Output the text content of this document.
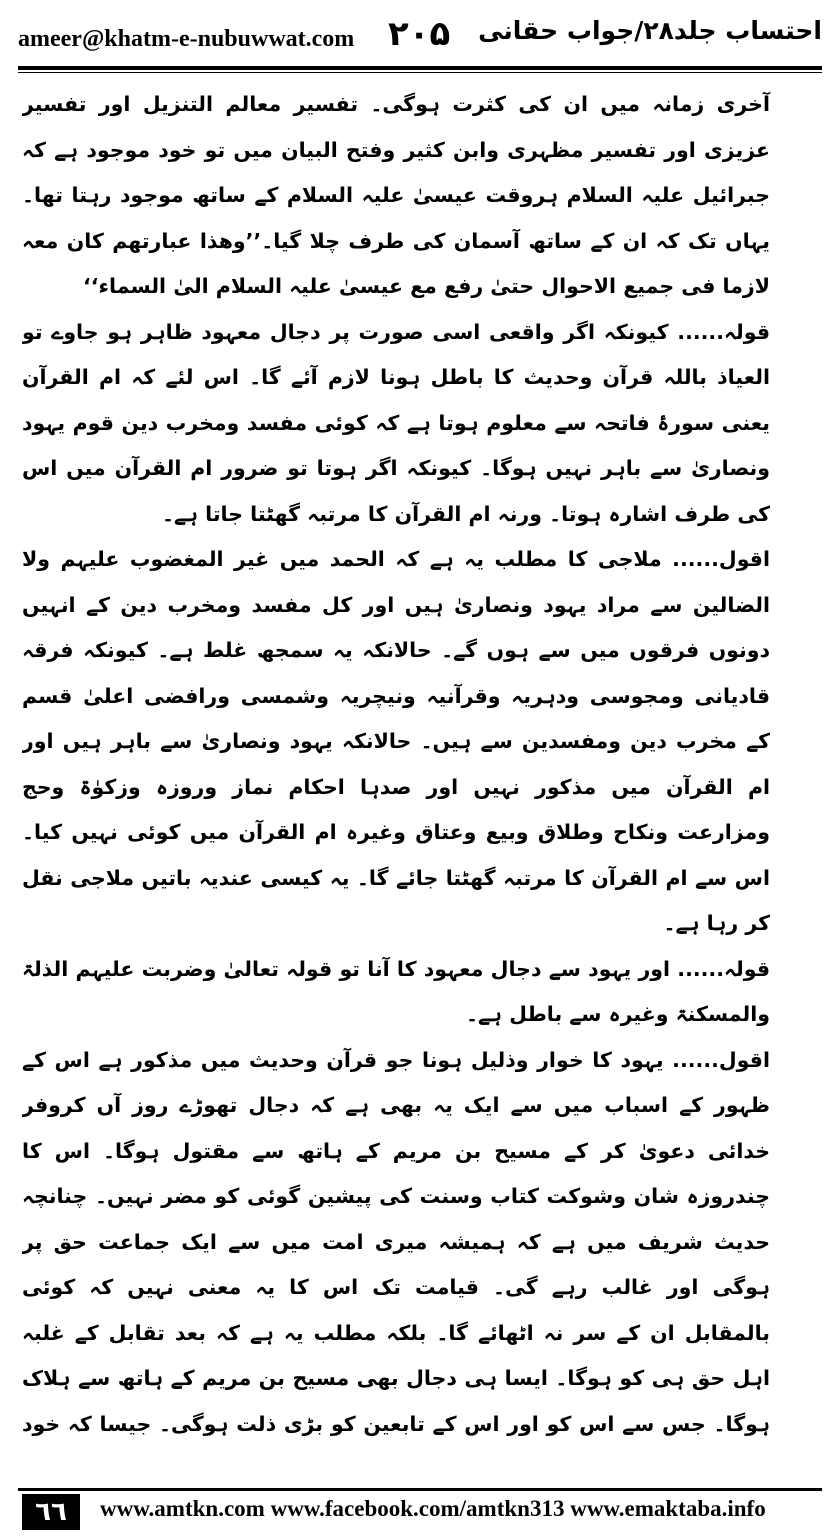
ameer@khatm-e-nubuwwat.com ۲۰۵ احتساب جلد۲۸/جواب حقانی

آخری زمانہ میں ان کی کثرت ہوگی۔ تفسیر معالم التنزیل اور تفسیر عزیزی اور تفسیر مظہری وابن کثیر وفتح البیان میں تو خود موجود ہے کہ جبرائیل علیہ السلام ہروقت عیسیٰ علیہ السلام کے ساتھ موجود رہتا تھا۔ یہاں تک کہ ان کے ساتھ آسمان کی طرف چلا گیا۔’’وھذا عبارتھم کان معہ لازما فی جمیع الاحوال حتیٰ رفع مع عیسیٰ علیہ السلام الیٰ السماء‘‘

قولہ...... کیونکہ اگر واقعی اسی صورت پر دجال معہود ظاہر ہو جاوے تو العیاذ باللہ قرآن وحدیث کا باطل ہونا لازم آئے گا۔ اس لئے کہ ام القرآن یعنی سورۂ فاتحہ سے معلوم ہوتا ہے کہ کوئی مفسد ومخرب دین قوم یہود ونصاریٰ سے باہر نہیں ہوگا۔ کیونکہ اگر ہوتا تو ضرور ام القرآن میں اس کی طرف اشارہ ہوتا۔ ورنہ ام القرآن کا مرتبہ گھٹتا جاتا ہے۔

اقول...... ملاجی کا مطلب یہ ہے کہ الحمد میں غیر المغضوب علیہم ولا الضالین سے مراد یہود ونصاریٰ ہیں اور کل مفسد ومخرب دین کے انہیں دونوں فرقوں میں سے ہوں گے۔ حالانکہ یہ سمجھ غلط ہے۔ کیونکہ فرقہ قادیانی ومجوسی ودہریہ وقرآنیہ ونیچریہ وشمسی ورافضی اعلیٰ قسم کے مخرب دین ومفسدین سے ہیں۔ حالانکہ یہود ونصاریٰ سے باہر ہیں اور ام القرآن میں مذکور نہیں اور صدہا احکام نماز وروزہ وزکوٰۃ وحج ومزارعت ونکاح وطلاق وبیع وعتاق وغیرہ ام القرآن میں کوئی نہیں کیا۔ اس سے ام القرآن کا مرتبہ گھٹتا جائے گا۔ یہ کیسی عندیہ باتیں ملاجی نقل کر رہا ہے۔

قولہ...... اور یہود سے دجال معہود کا آنا تو قولہ تعالیٰ وضربت علیہم الذلۃ والمسکنۃ وغیرہ سے باطل ہے۔

اقول...... یہود کا خوار وذلیل ہونا جو قرآن وحدیث میں مذکور ہے اس کے ظہور کے اسباب میں سے ایک یہ بھی ہے کہ دجال تھوڑے روز آں کروفر خدائی دعویٰ کر کے مسیح بن مریم کے ہاتھ سے مقتول ہوگا۔ اس کا چندروزہ شان وشوکت کتاب وسنت کی پیشین گوئی کو مضر نہیں۔ چنانچہ حدیث شریف میں ہے کہ ہمیشہ میری امت میں سے ایک جماعت حق پر ہوگی اور غالب رہے گی۔ قیامت تک اس کا یہ معنی نہیں کہ کوئی بالمقابل ان کے سر نہ اٹھائے گا۔ بلکہ مطلب یہ ہے کہ بعد تقابل کے غلبہ اہل حق ہی کو ہوگا۔ ایسا ہی دجال بھی مسیح بن مریم کے ہاتھ سے ہلاک ہوگا۔ جس سے اس کو اور اس کے تابعین کو بڑی ذلت ہوگی۔ جیسا کہ خود

٦٦	www.amtkn.com www.facebook.com/amtkn313 www.emaktaba.info
